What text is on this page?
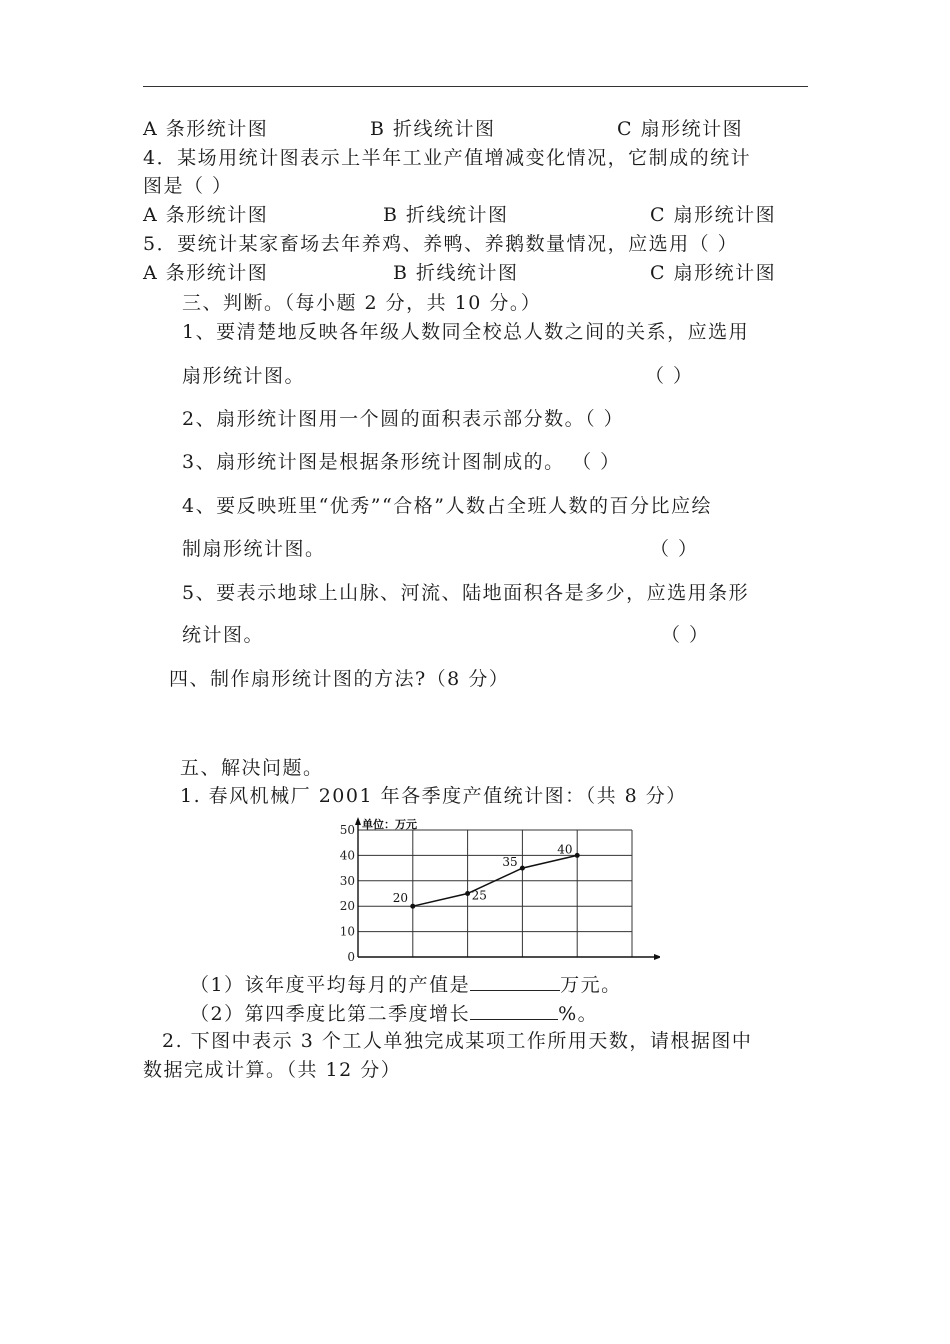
A 条形统计图	B 折线统计图	C 扇形统计图
4．某场用统计图表示上半年工业产值增减变化情况，它制成的统计
图是（ ）
A 条形统计图	B 折线统计图	C 扇形统计图
5．要统计某家畜场去年养鸡、养鸭、养鹅数量情况，应选用（ ）
A 条形统计图	B 折线统计图	C 扇形统计图
三、判断。（每小题 2 分，共 10 分。）
1、要清楚地反映各年级人数同全校总人数之间的关系，应选用
扇形统计图。	（ ）
2、扇形统计图用一个圆的面积表示部分数。（ ）
3、扇形统计图是根据条形统计图制成的。 （ ）
4、要反映班里“优秀”“合格”人数占全班人数的百分比应绘
制扇形统计图。	（ ）
5、要表示地球上山脉、河流、陆地面积各是多少，应选用条形
统计图。	（ ）
四、制作扇形统计图的方法?（8 分）
五、解决问题。
1. 春风机械厂 2001 年各季度产值统计图：（共 8 分）
0
10
20
30
40
50 单位：万元
20	25
35
40
（1）该年度平均每月的产值是	万元。
（2）第四季度比第二季度增长	%。
2. 下图中表示 3 个工人单独完成某项工作所用天数，请根据图中
数据完成计算。（共 12 分）
